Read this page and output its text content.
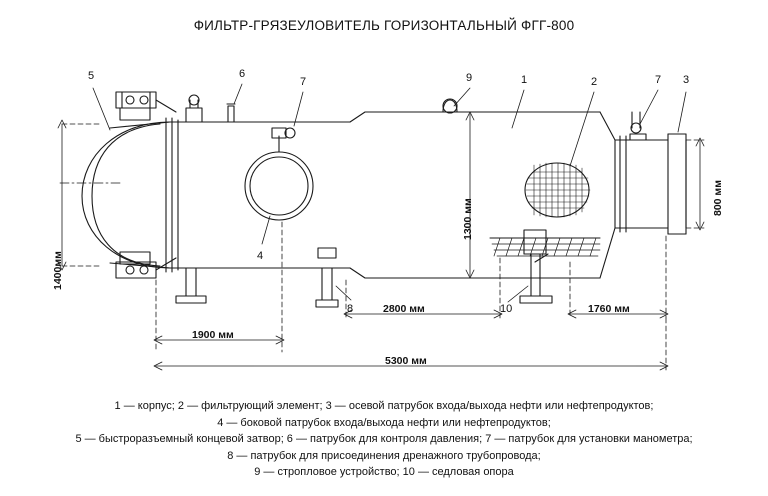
ФИЛЬТР-ГРЯЗЕУЛОВИТЕЛЬ ГОРИЗОНТАЛЬНЫЙ ФГГ-800
5	6
7	9	1	2	7 3
4
8	10
1400мм
1300 мм
800 мм
2800 мм	1760 мм
1900 мм
5300 мм
1 — корпус; 2 — фильтрующий элемент; 3 — осевой патрубок входа/выхода нефти или нефтепродуктов;
4 — боковой патрубок входа/выхода нефти или нефтепродуктов;
5 — быстроразъемный концевой затвор; 6 — патрубок для контроля давления; 7 — патрубок для установки манометра;
8 — патрубок для присоединения дренажного трубопровода;
9 — стропловое устройство; 10 — седловая опора
